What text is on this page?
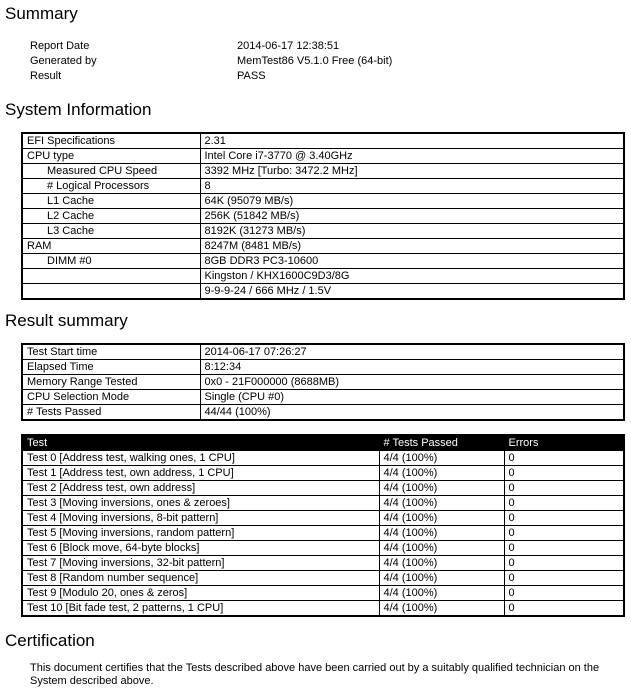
Summary
Report Date	2014-06-17 12:38:51
Generated by	MemTest86 V5.1.0 Free (64-bit)
Result	PASS
System Information
EFI Specifications	2.31
CPU type	Intel Core i7-3770 @ 3.40GHz
Measured CPU Speed	3392 MHz [Turbo: 3472.2 MHz]
# Logical Processors	8
L1 Cache	64K (95079 MB/s)
L2 Cache	256K (51842 MB/s)
L3 Cache	8192K (31273 MB/s)
RAM	8247M (8481 MB/s)
DIMM #0	8GB DDR3 PC3-10600
	Kingston / KHX1600C9D3/8G
	9-9-9-24 / 666 MHz / 1.5V
Result summary
Test Start time	2014-06-17 07:26:27
Elapsed Time	8:12:34
Memory Range Tested	0x0 - 21F000000 (8688MB)
CPU Selection Mode	Single (CPU #0)
# Tests Passed	44/44 (100%)
Test	# Tests Passed	Errors
Test 0 [Address test, walking ones, 1 CPU]	4/4 (100%)	0
Test 1 [Address test, own address, 1 CPU]	4/4 (100%)	0
Test 2 [Address test, own address]	4/4 (100%)	0
Test 3 [Moving inversions, ones & zeroes]	4/4 (100%)	0
Test 4 [Moving inversions, 8-bit pattern]	4/4 (100%)	0
Test 5 [Moving inversions, random pattern]	4/4 (100%)	0
Test 6 [Block move, 64-byte blocks]	4/4 (100%)	0
Test 7 [Moving inversions, 32-bit pattern]	4/4 (100%)	0
Test 8 [Random number sequence]	4/4 (100%)	0
Test 9 [Modulo 20, ones & zeros]	4/4 (100%)	0
Test 10 [Bit fade test, 2 patterns, 1 CPU]	4/4 (100%)	0
Certification

This document certifies that the Tests described above have been carried out by a suitably qualified technician on the System described above.
